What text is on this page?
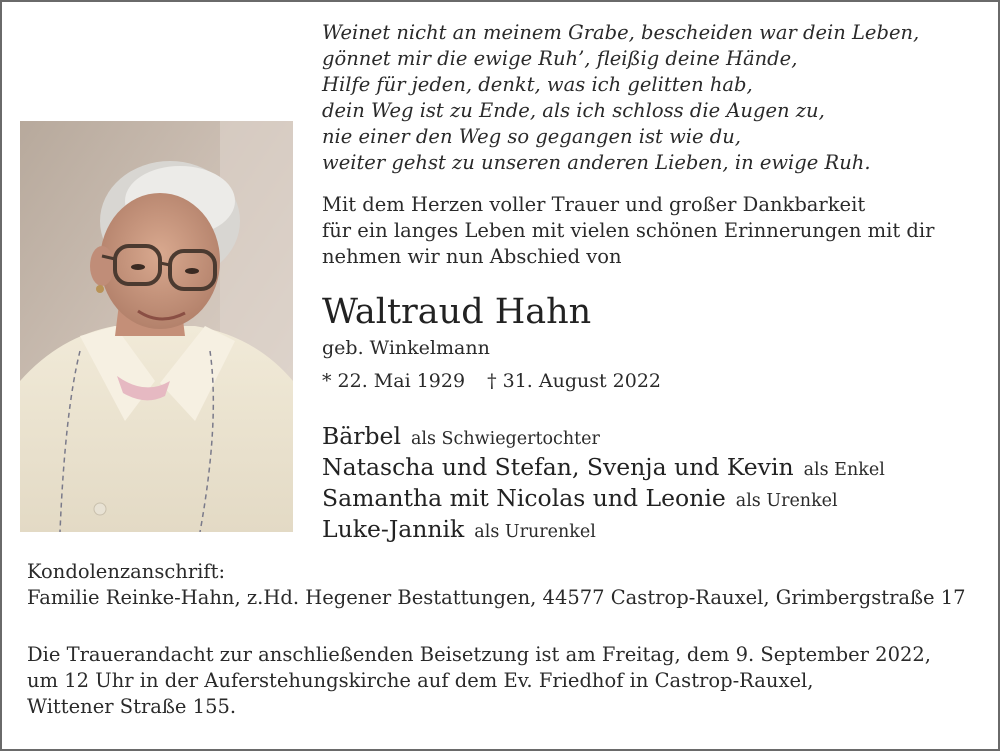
Weinet nicht an meinem Grabe, bescheiden war dein Leben,
gönnet mir die ewige Ruh’, fleißig deine Hände,
Hilfe für jeden, denkt, was ich gelitten hab,
dein Weg ist zu Ende, als ich schloss die Augen zu,
nie einer den Weg so gegangen ist wie du,
weiter gehst zu unseren anderen Lieben, in ewige Ruh.
Mit dem Herzen voller Trauer und großer Dankbarkeit
für ein langes Leben mit vielen schönen Erinnerungen mit dir
nehmen wir nun Abschied von
Waltraud Hahn
geb. Winkelmann
* 22. Mai 1929 † 31. August 2022
Bärbel als Schwiegertochter
Natascha und Stefan, Svenja und Kevin als Enkel
Samantha mit Nicolas und Leonie als Urenkel
Luke-Jannik als Ururenkel
Kondolenzanschrift:
Familie Reinke-Hahn, z.Hd. Hegener Bestattungen, 44577 Castrop-Rauxel, Grimbergstraße 17
Die Trauerandacht zur anschließenden Beisetzung ist am Freitag, dem 9. September 2022,
um 12 Uhr in der Auferstehungskirche auf dem Ev. Friedhof in Castrop-Rauxel,
Wittener Straße 155.
